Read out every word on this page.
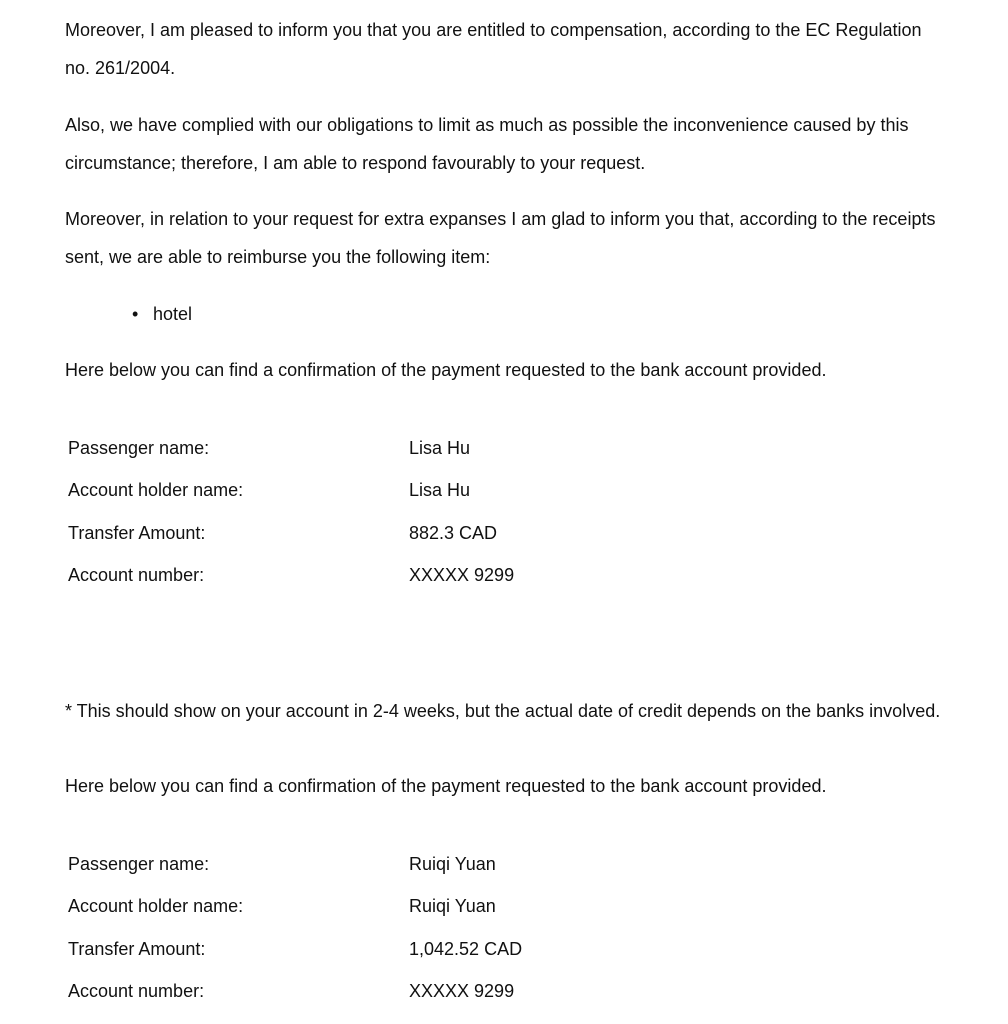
Moreover, I am pleased to inform you that you are entitled to compensation, according to the EC Regulation no. 261/2004.

Also, we have complied with our obligations to limit as much as possible the inconvenience caused by this circumstance; therefore, I am able to respond favourably to your request.

Moreover, in relation to your request for extra expanses I am glad to inform you that, according to the receipts sent, we are able to reimburse you the following item:

• hotel

Here below you can find a confirmation of the payment requested to the bank account provided.

Passenger name:	Lisa Hu
Account holder name:	Lisa Hu
Transfer Amount:	882.3 CAD
Account number:	XXXXX 9299

* This should show on your account in 2-4 weeks, but the actual date of credit depends on the banks involved.

Here below you can find a confirmation of the payment requested to the bank account provided.

Passenger name:	Ruiqi Yuan
Account holder name:	Ruiqi Yuan
Transfer Amount:	1,042.52 CAD
Account number:	XXXXX 9299
